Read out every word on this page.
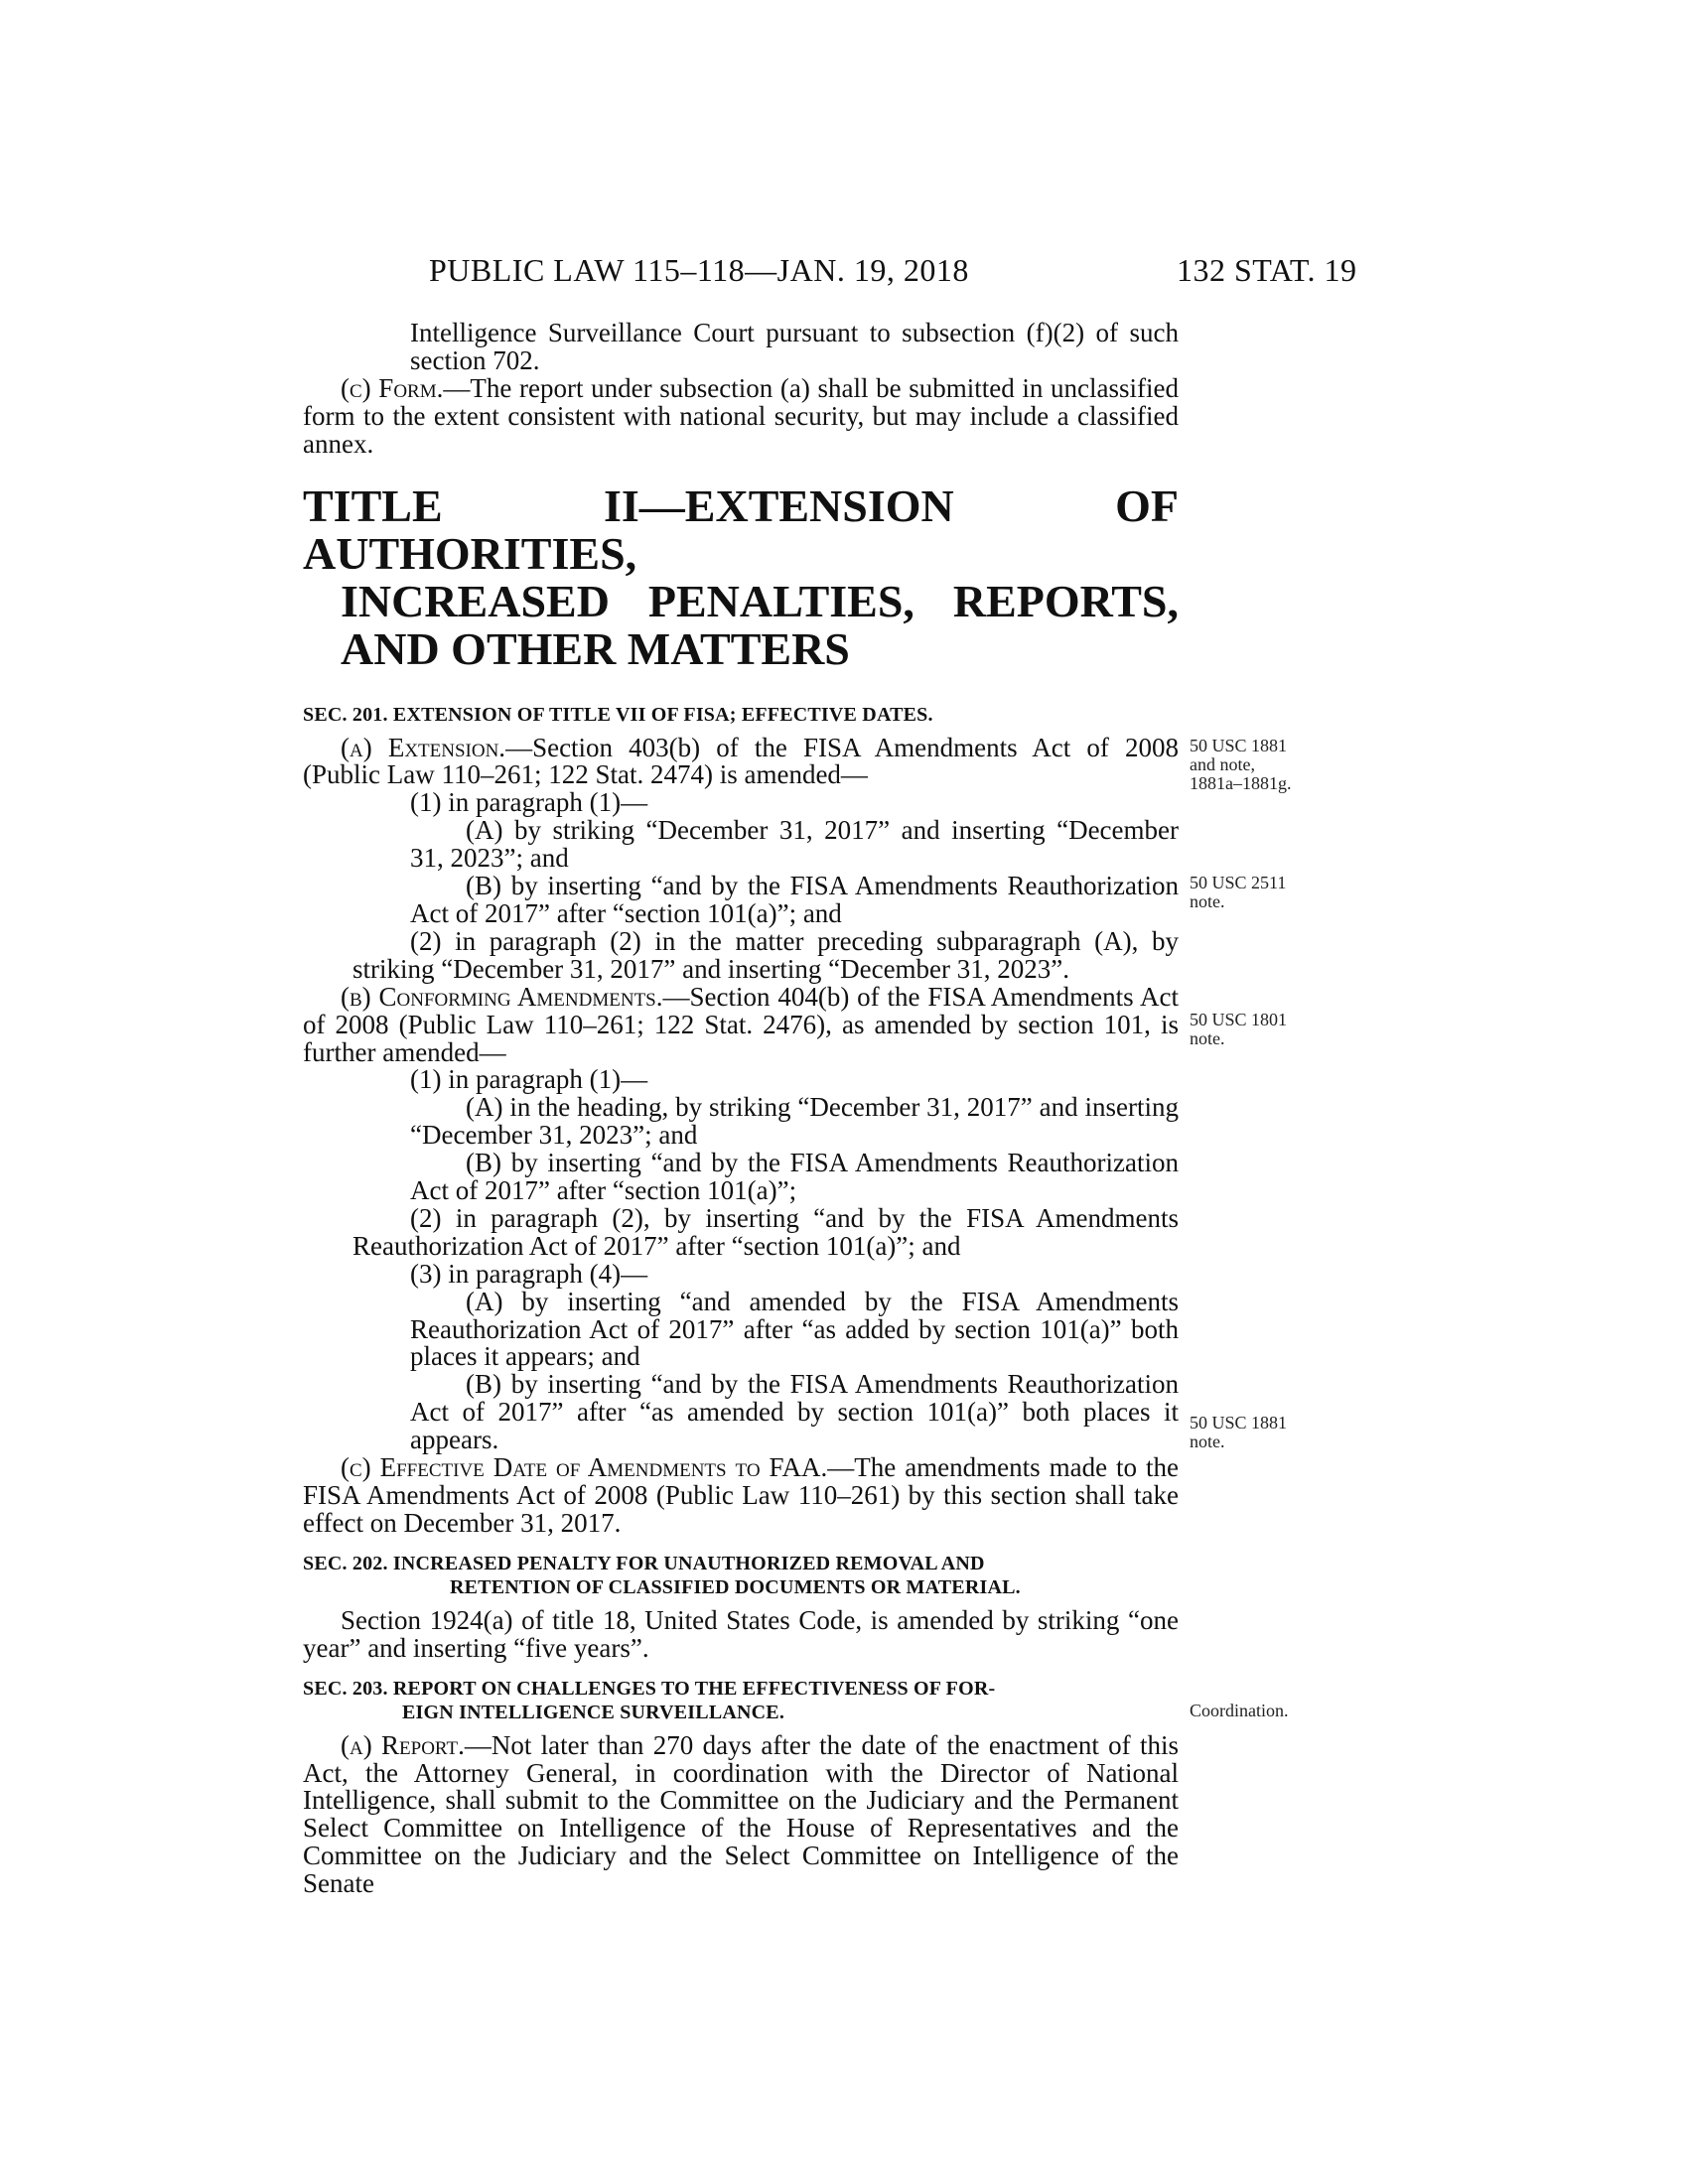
PUBLIC LAW 115–118—JAN. 19, 2018	132 STAT. 19

Intelligence Surveillance Court pursuant to subsection (f)(2) of such section 702.

(c) Form.—The report under subsection (a) shall be submitted in unclassified form to the extent consistent with national security, but may include a classified annex.

TITLE II—EXTENSION OF AUTHORITIES,
INCREASED PENALTIES, REPORTS,
AND OTHER MATTERS
SEC. 201. EXTENSION OF TITLE VII OF FISA; EFFECTIVE DATES.

(a) Extension.—Section 403(b) of the FISA Amendments Act of 2008 (Public Law 110–261; 122 Stat. 2474) is amended—

(1) in paragraph (1)—

(A) by striking “December 31, 2017” and inserting “December 31, 2023”; and

(B) by inserting “and by the FISA Amendments Reauthorization Act of 2017” after “section 101(a)”; and

(2) in paragraph (2) in the matter preceding subparagraph (A), by striking “December 31, 2017” and inserting “December 31, 2023”.

(b) Conforming Amendments.—Section 404(b) of the FISA Amendments Act of 2008 (Public Law 110–261; 122 Stat. 2476), as amended by section 101, is further amended—

(1) in paragraph (1)—

(A) in the heading, by striking “December 31, 2017” and inserting “December 31, 2023”; and

(B) by inserting “and by the FISA Amendments Reauthorization Act of 2017” after “section 101(a)”;

(2) in paragraph (2), by inserting “and by the FISA Amendments Reauthorization Act of 2017” after “section 101(a)”; and

(3) in paragraph (4)—

(A) by inserting “and amended by the FISA Amendments Reauthorization Act of 2017” after “as added by section 101(a)” both places it appears; and

(B) by inserting “and by the FISA Amendments Reauthorization Act of 2017” after “as amended by section 101(a)” both places it appears.

(c) Effective Date of Amendments to FAA.—The amendments made to the FISA Amendments Act of 2008 (Public Law 110–261) by this section shall take effect on December 31, 2017.

SEC. 202. INCREASED PENALTY FOR UNAUTHORIZED REMOVAL AND
RETENTION OF CLASSIFIED DOCUMENTS OR MATERIAL.

Section 1924(a) of title 18, United States Code, is amended by striking “one year” and inserting “five years”.

SEC. 203. REPORT ON CHALLENGES TO THE EFFECTIVENESS OF FOR-
EIGN INTELLIGENCE SURVEILLANCE.

(a) Report.—Not later than 270 days after the date of the enactment of this Act, the Attorney General, in coordination with the Director of National Intelligence, shall submit to the Committee on the Judiciary and the Permanent Select Committee on Intelligence of the House of Representatives and the Committee on the Judiciary and the Select Committee on Intelligence of the Senate

50 USC 1881
and note,
1881a–1881g.
50 USC 2511
note.
50 USC 1801
note.
50 USC 1881
note.
Coordination.
